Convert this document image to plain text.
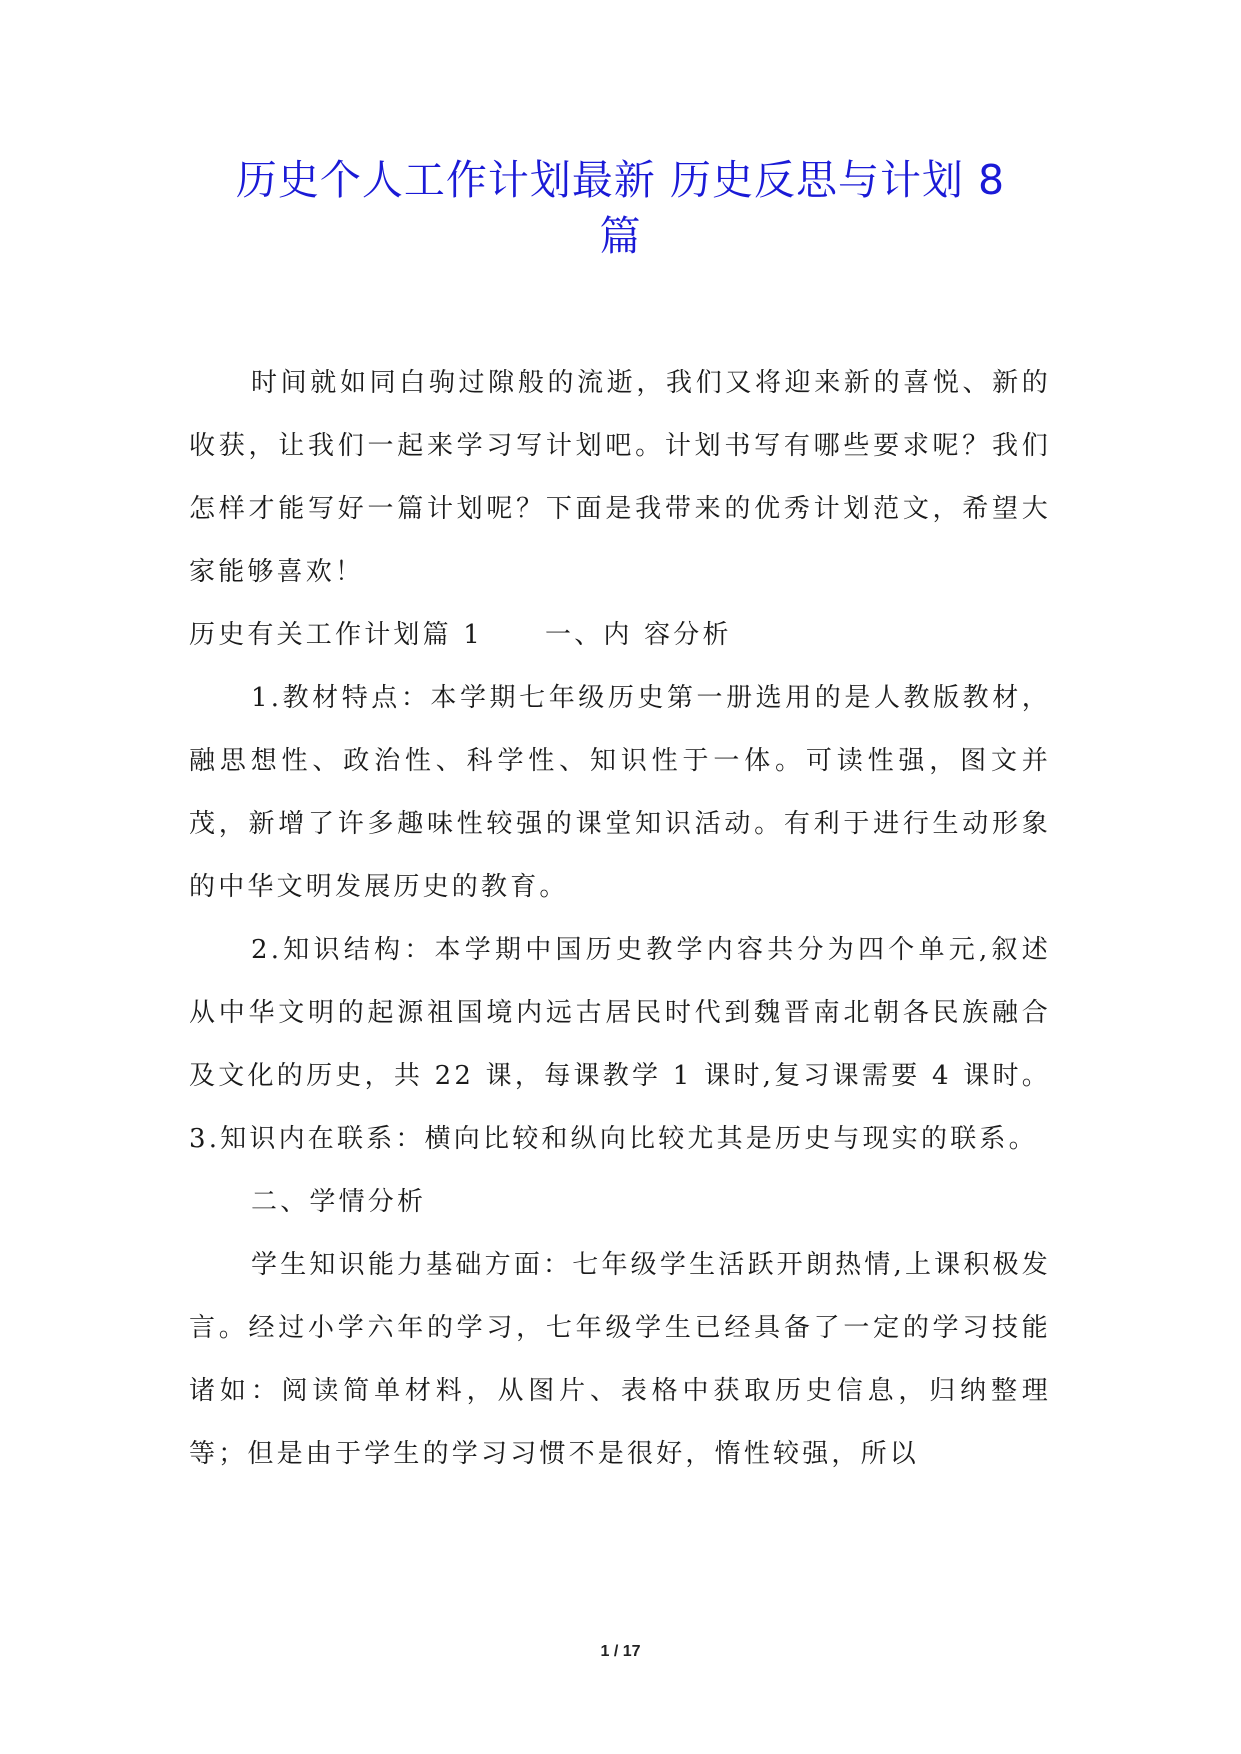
历史个人工作计划最新 历史反思与计划 8
篇

时间就如同白驹过隙般的流逝，我们又将迎来新的喜悦、新的收获，让我们一起来学习写计划吧。计划书写有哪些要求呢？我们怎样才能写好一篇计划呢？下面是我带来的优秀计划范文，希望大家能够喜欢！

历史有关工作计划篇 1 一、内 容分析

1.教材特点：本学期七年级历史第一册选用的是人教版教材，融思想性、政治性、科学性、知识性于一体。可读性强，图文并茂，新增了许多趣味性较强的课堂知识活动。有利于进行生动形象的中华文明发展历史的教育。

2.知识结构：本学期中国历史教学内容共分为四个单元,叙述从中华文明的起源祖国境内远古居民时代到魏晋南北朝各民族融合及文化的历史，共 22 课，每课教学 1 课时,复习课需要 4 课时。 3.知识内在联系：横向比较和纵向比较尤其是历史与现实的联系。

二、学情分析

学生知识能力基础方面：七年级学生活跃开朗热情,上课积极发言。经过小学六年的学习，七年级学生已经具备了一定的学习技能诸如：阅读简单材料，从图片、表格中获取历史信息，归纳整理等；但是由于学生的学习习惯不是很好，惰性较强，所以

1 / 17
